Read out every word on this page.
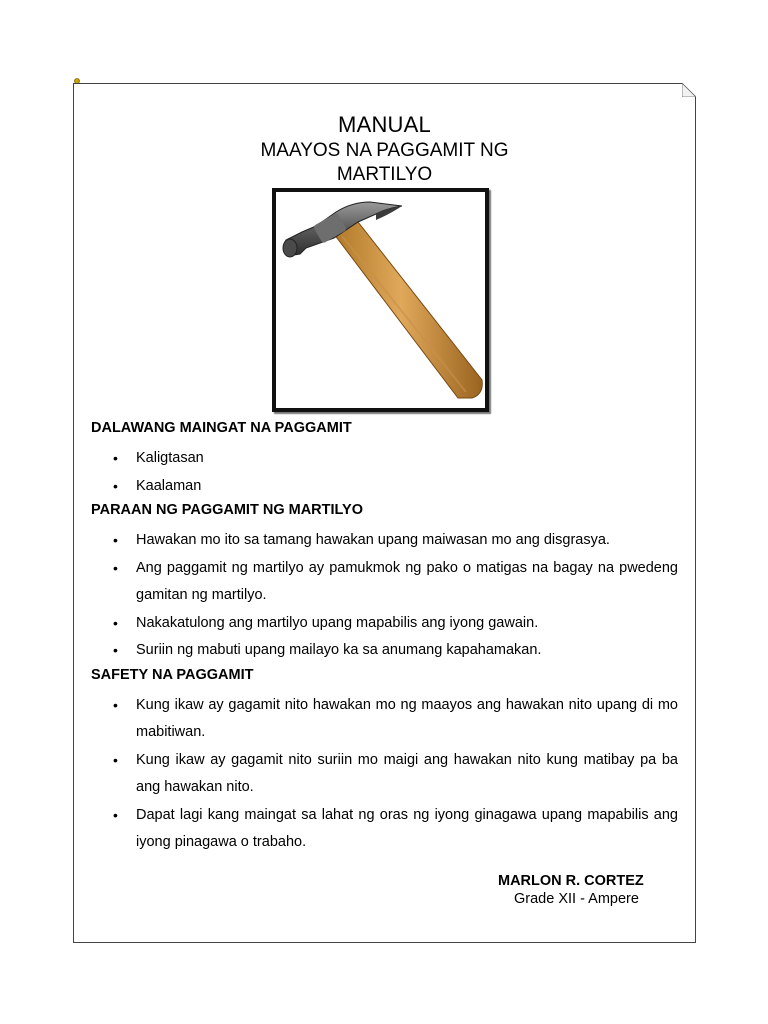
MANUAL
MAAYOS NA PAGGAMIT NG
MARTILYO
DALAWANG MAINGAT NA PAGGAMIT
• Kaligtasan
• Kaalaman
PARAAN NG PAGGAMIT NG MARTILYO
• Hawakan mo ito sa tamang hawakan upang maiwasan mo ang disgrasya.
• Ang paggamit ng martilyo ay pamukmok ng pako o matigas na bagay na pwedeng gamitan ng martilyo.
• Nakakatulong ang martilyo upang mapabilis ang iyong gawain.
• Suriin ng mabuti upang mailayo ka sa anumang kapahamakan.
SAFETY NA PAGGAMIT
• Kung ikaw ay gagamit nito hawakan mo ng maayos ang hawakan nito upang di mo mabitiwan.
• Kung ikaw ay gagamit nito suriin mo maigi ang hawakan nito kung matibay pa ba ang hawakan nito.
• Dapat lagi kang maingat sa lahat ng oras ng iyong ginagawa upang mapabilis ang iyong pinagawa o trabaho.
MARLON R. CORTEZ
Grade XII - Ampere
